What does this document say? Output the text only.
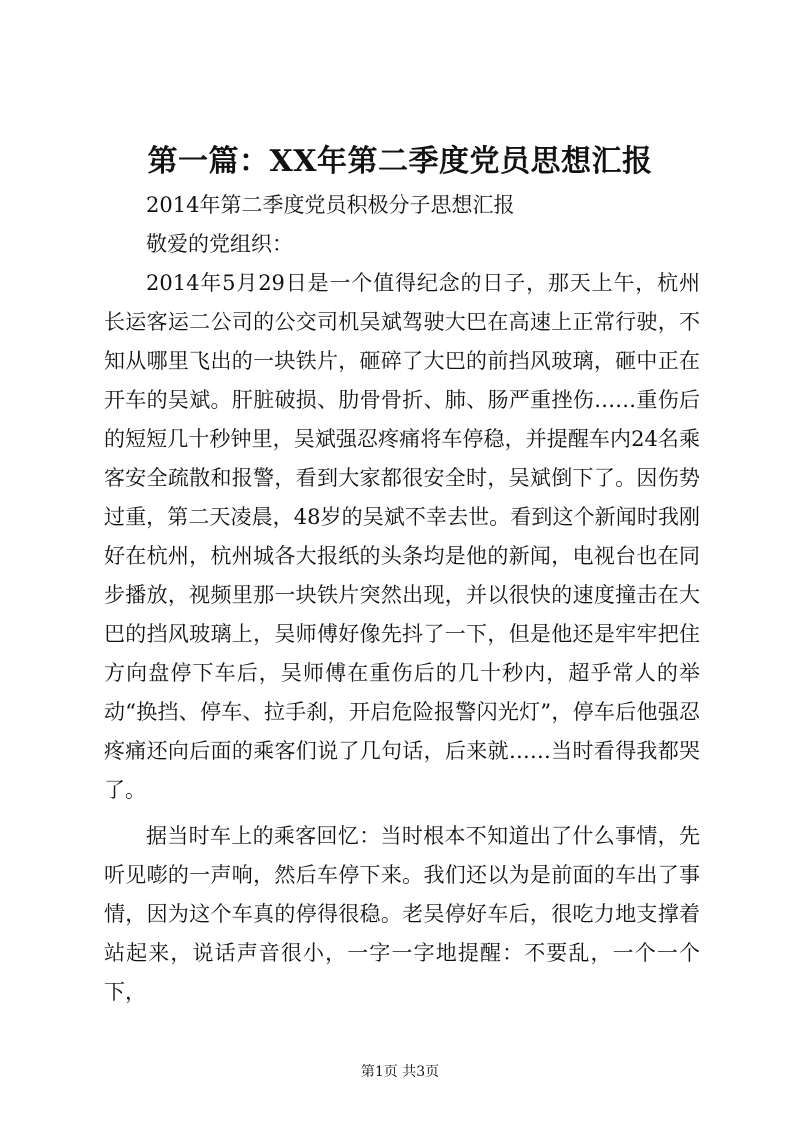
第一篇：XX年第二季度党员思想汇报

2014年第二季度党员积极分子思想汇报

敬爱的党组织：

2014年5月29日是一个值得纪念的日子，那天上午，杭州长运客运二公司的公交司机吴斌驾驶大巴在高速上正常行驶，不知从哪里飞出的一块铁片，砸碎了大巴的前挡风玻璃，砸中正在开车的吴斌。肝脏破损、肋骨骨折、肺、肠严重挫伤……重伤后的短短几十秒钟里，吴斌强忍疼痛将车停稳，并提醒车内24名乘客安全疏散和报警，看到大家都很安全时，吴斌倒下了。因伤势过重，第二天凌晨，48岁的吴斌不幸去世。看到这个新闻时我刚好在杭州，杭州城各大报纸的头条均是他的新闻，电视台也在同步播放，视频里那一块铁片突然出现，并以很快的速度撞击在大巴的挡风玻璃上，吴师傅好像先抖了一下，但是他还是牢牢把住方向盘停下车后，吴师傅在重伤后的几十秒内，超乎常人的举动“换挡、停车、拉手刹，开启危险报警闪光灯”，停车后他强忍疼痛还向后面的乘客们说了几句话，后来就……当时看得我都哭了。

据当时车上的乘客回忆：当时根本不知道出了什么事情，先听见嘭的一声响，然后车停下来。我们还以为是前面的车出了事情，因为这个车真的停得很稳。老吴停好车后，很吃力地支撑着站起来，说话声音很小，一字一字地提醒：不要乱，一个一个下，

第1页 共3页
